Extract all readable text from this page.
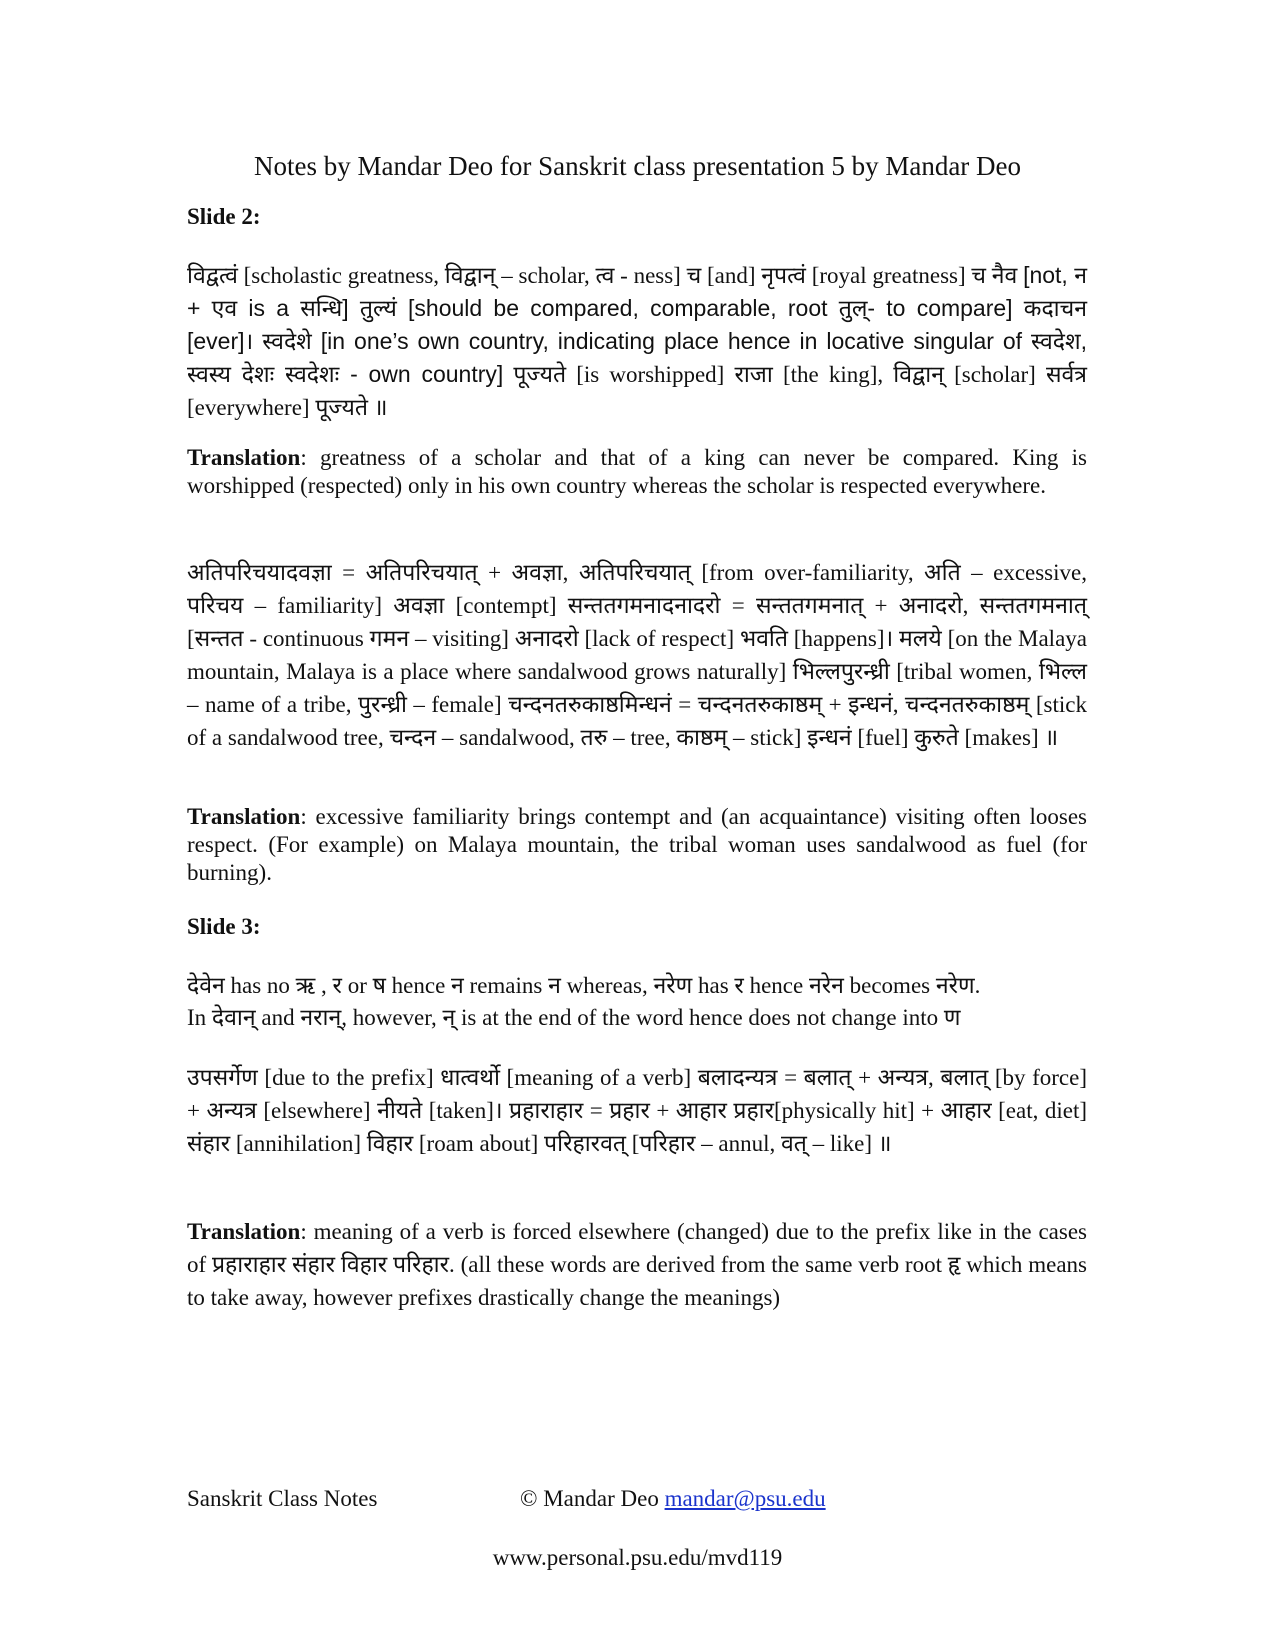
Notes by Mandar Deo for Sanskrit class presentation 5 by Mandar Deo
Slide 2:
विद्वत्वं [scholastic greatness, विद्वान् – scholar, त्व - ness] च [and] नृपत्वं [royal greatness] च नैव [not, न + एव is a सन्धि] तुल्यं [should be compared, comparable, root तुल्- to compare] कदाचन [ever]। स्वदेशे [in one’s own country, indicating place hence in locative singular of स्वदेश, स्वस्य देशः स्वदेशः - own country] पूज्यते [is worshipped] राजा [the king], विद्वान् [scholar] सर्वत्र [everywhere] पूज्यते ॥
Translation: greatness of a scholar and that of a king can never be compared. King is worshipped (respected) only in his own country whereas the scholar is respected everywhere.
अतिपरिचयादवज्ञा = अतिपरिचयात् + अवज्ञा, अतिपरिचयात् [from over-familiarity, अति – excessive, परिचय – familiarity] अवज्ञा [contempt] सन्ततगमनादनादरो = सन्ततगमनात् + अनादरो, सन्ततगमनात् [सन्तत - continuous गमन – visiting] अनादरो [lack of respect] भवति [happens]। मलये [on the Malaya mountain, Malaya is a place where sandalwood grows naturally] भिल्लपुरन्ध्री [tribal women, भिल्ल – name of a tribe, पुरन्ध्री – female] चन्दनतरुकाष्ठमिन्धनं = चन्दनतरुकाष्ठम् + इन्धनं, चन्दनतरुकाष्ठम् [stick of a sandalwood tree, चन्दन – sandalwood, तरु – tree, काष्ठम् – stick] इन्धनं [fuel] कुरुते [makes] ॥
Translation: excessive familiarity brings contempt and (an acquaintance) visiting often looses respect. (For example) on Malaya mountain, the tribal woman uses sandalwood as fuel (for burning).
Slide 3:
देवेन has no ऋ , र or ष hence न remains न whereas, नरेण has र hence नरेन becomes नरेण.
In देवान् and नरान्, however, न् is at the end of the word hence does not change into ण
उपसर्गेण [due to the prefix] धात्वर्थो [meaning of a verb] बलादन्यत्र = बलात् + अन्यत्र, बलात् [by force] + अन्यत्र [elsewhere] नीयते [taken]। प्रहाराहार = प्रहार + आहार प्रहार[physically hit] + आहार [eat, diet] संहार [annihilation] विहार [roam about] परिहारवत् [परिहार – annul, वत् – like] ॥
Translation: meaning of a verb is forced elsewhere (changed) due to the prefix like in the cases of प्रहाराहार संहार विहार परिहार. (all these words are derived from the same verb root हृ which means to take away, however prefixes drastically change the meanings)
Sanskrit Class Notes	© Mandar Deo mandar@psu.edu
www.personal.psu.edu/mvd119
